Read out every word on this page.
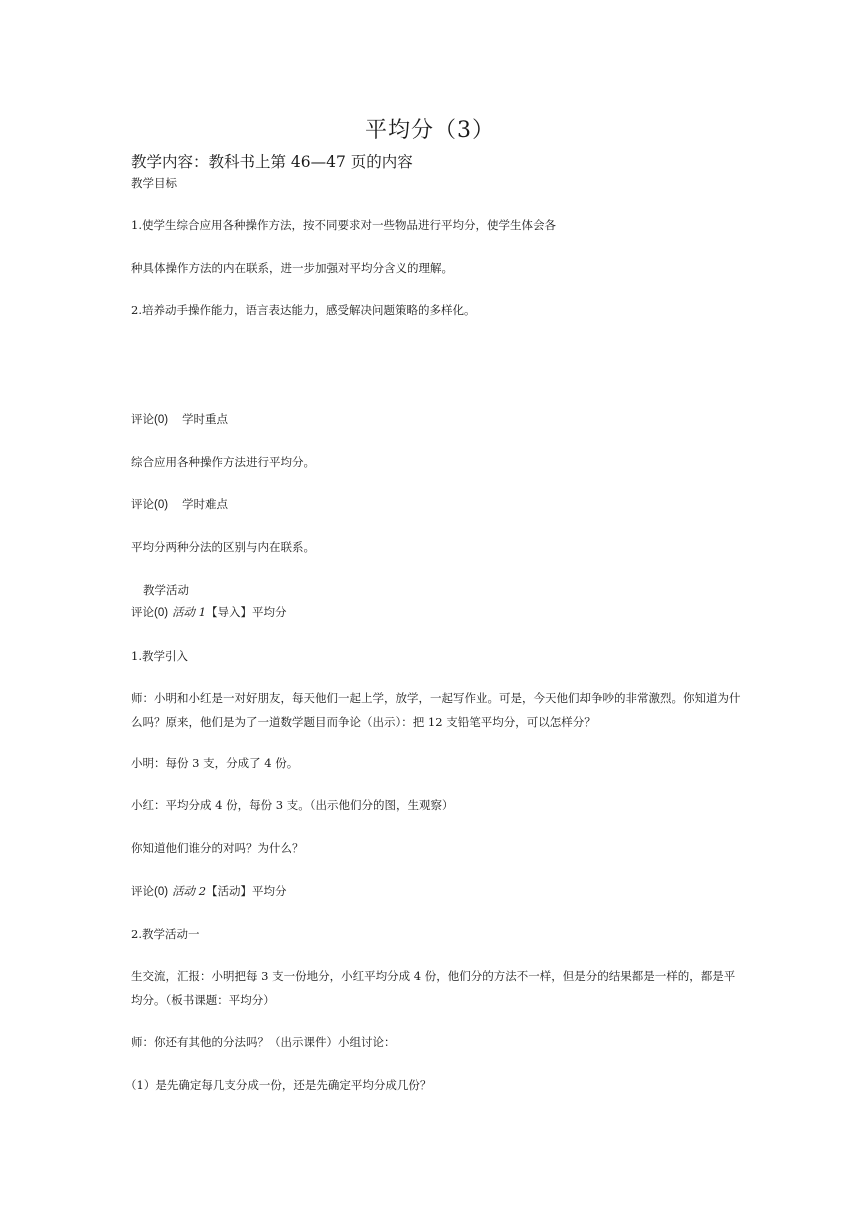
平均分（3）
教学内容：教科书上第 46—47 页的内容
教学目标
1.使学生综合应用各种操作方法，按不同要求对一些物品进行平均分，使学生体会各
种具体操作方法的内在联系，进一步加强对平均分含义的理解。
2.培养动手操作能力，语言表达能力，感受解决问题策略的多样化。
评论(0) 学时重点
综合应用各种操作方法进行平均分。
评论(0) 学时难点
平均分两种分法的区别与内在联系。
教学活动
评论(0) 活动 1【导入】平均分
1.教学引入
师：小明和小红是一对好朋友，每天他们一起上学，放学，一起写作业。可是，今天他们却争吵的非常激烈。你知道为什么吗？原来，他们是为了一道数学题目而争论（出示）：把 12 支铅笔平均分，可以怎样分？
小明：每份 3 支，分成了 4 份。
小红：平均分成 4 份，每份 3 支。（出示他们分的图，生观察）
你知道他们谁分的对吗？为什么？
评论(0) 活动 2【活动】平均分
2.教学活动一
生交流，汇报：小明把每 3 支一份地分，小红平均分成 4 份，他们分的方法不一样，但是分的结果都是一样的，都是平均分。（板书课题：平均分）
师：你还有其他的分法吗？（出示课件）小组讨论：
（1）是先确定每几支分成一份，还是先确定平均分成几份？
